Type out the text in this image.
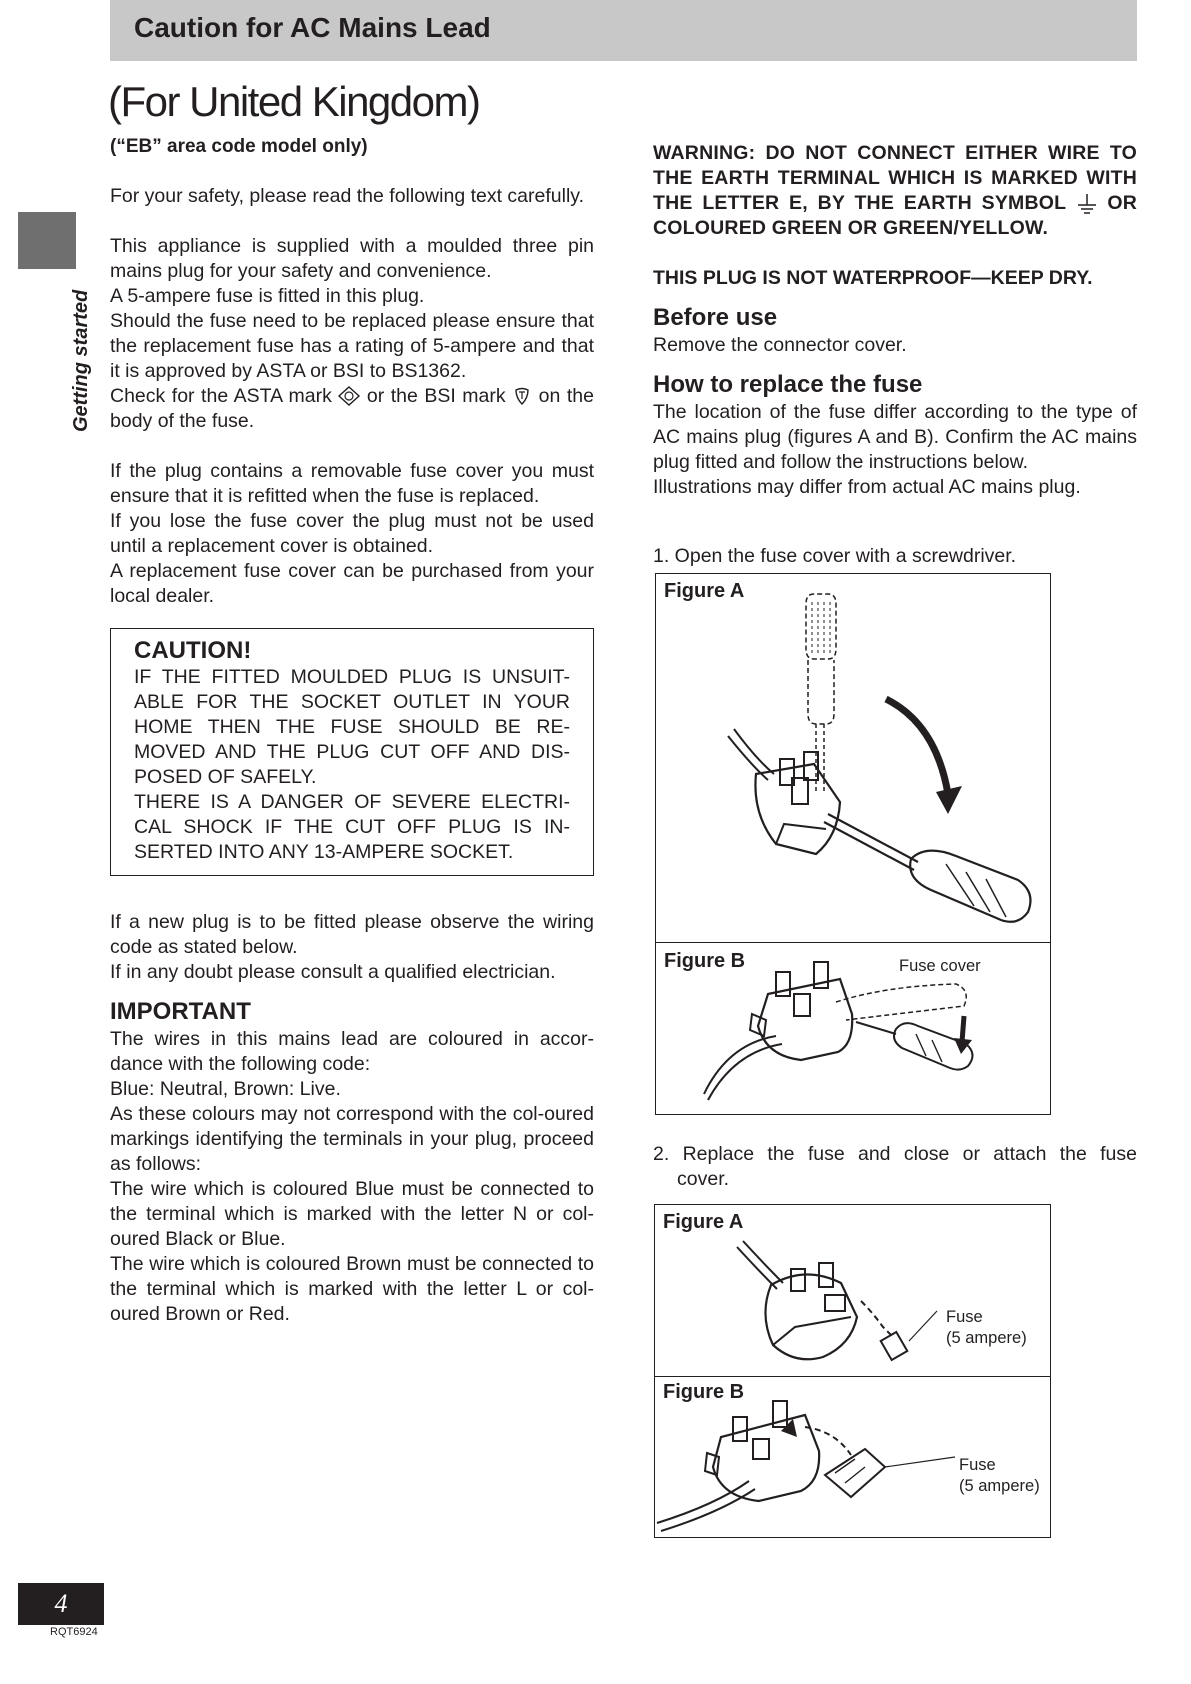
Caution for AC Mains Lead
(For United Kingdom)
Getting started

(“EB” area code model only)

For your safety, please read the following text carefully.

This appliance is supplied with a moulded three pin mains plug for your safety and convenience.

A 5-ampere fuse is fitted in this plug.

Should the fuse need to be replaced please ensure that the replacement fuse has a rating of 5-ampere and that it is approved by ASTA or BSI to BS1362.

Check for the ASTA mark or the BSI mark on the body of the fuse.

If the plug contains a removable fuse cover you must ensure that it is refitted when the fuse is replaced.

If you lose the fuse cover the plug must not be used until a replacement cover is obtained.

A replacement fuse cover can be purchased from your local dealer.

CAUTION!

IF THE FITTED MOULDED PLUG IS UNSUIT-ABLE FOR THE SOCKET OUTLET IN YOUR HOME THEN THE FUSE SHOULD BE RE-MOVED AND THE PLUG CUT OFF AND DIS-POSED OF SAFELY.

THERE IS A DANGER OF SEVERE ELECTRI-CAL SHOCK IF THE CUT OFF PLUG IS IN-SERTED INTO ANY 13-AMPERE SOCKET.

If a new plug is to be fitted please observe the wiring code as stated below.

If in any doubt please consult a qualified electrician.

IMPORTANT

The wires in this mains lead are coloured in accor-dance with the following code:

Blue: Neutral, Brown: Live.

As these colours may not correspond with the col-oured markings identifying the terminals in your plug, proceed as follows:

The wire which is coloured Blue must be connected to the terminal which is marked with the letter N or col-oured Black or Blue.

The wire which is coloured Brown must be connected to the terminal which is marked with the letter L or col-oured Brown or Red.

WARNING: DO NOT CONNECT EITHER WIRE TO THE EARTH TERMINAL WHICH IS MARKED WITH THE LETTER E, BY THE EARTH SYMBOL OR COLOURED GREEN OR GREEN/YELLOW.

THIS PLUG IS NOT WATERPROOF—KEEP DRY.

Before use

Remove the connector cover.

How to replace the fuse

The location of the fuse differ according to the type of AC mains plug (figures A and B). Confirm the AC mains plug fitted and follow the instructions below.

Illustrations may differ from actual AC mains plug.

1. Open the fuse cover with a screwdriver.
Figure A
Figure B	Fuse cover
2. Replace the fuse and close or attach the fuse
cover.
Figure A
Figure B
Fuse
(5 ampere)
Fuse
(5 ampere)
4
RQT6924
